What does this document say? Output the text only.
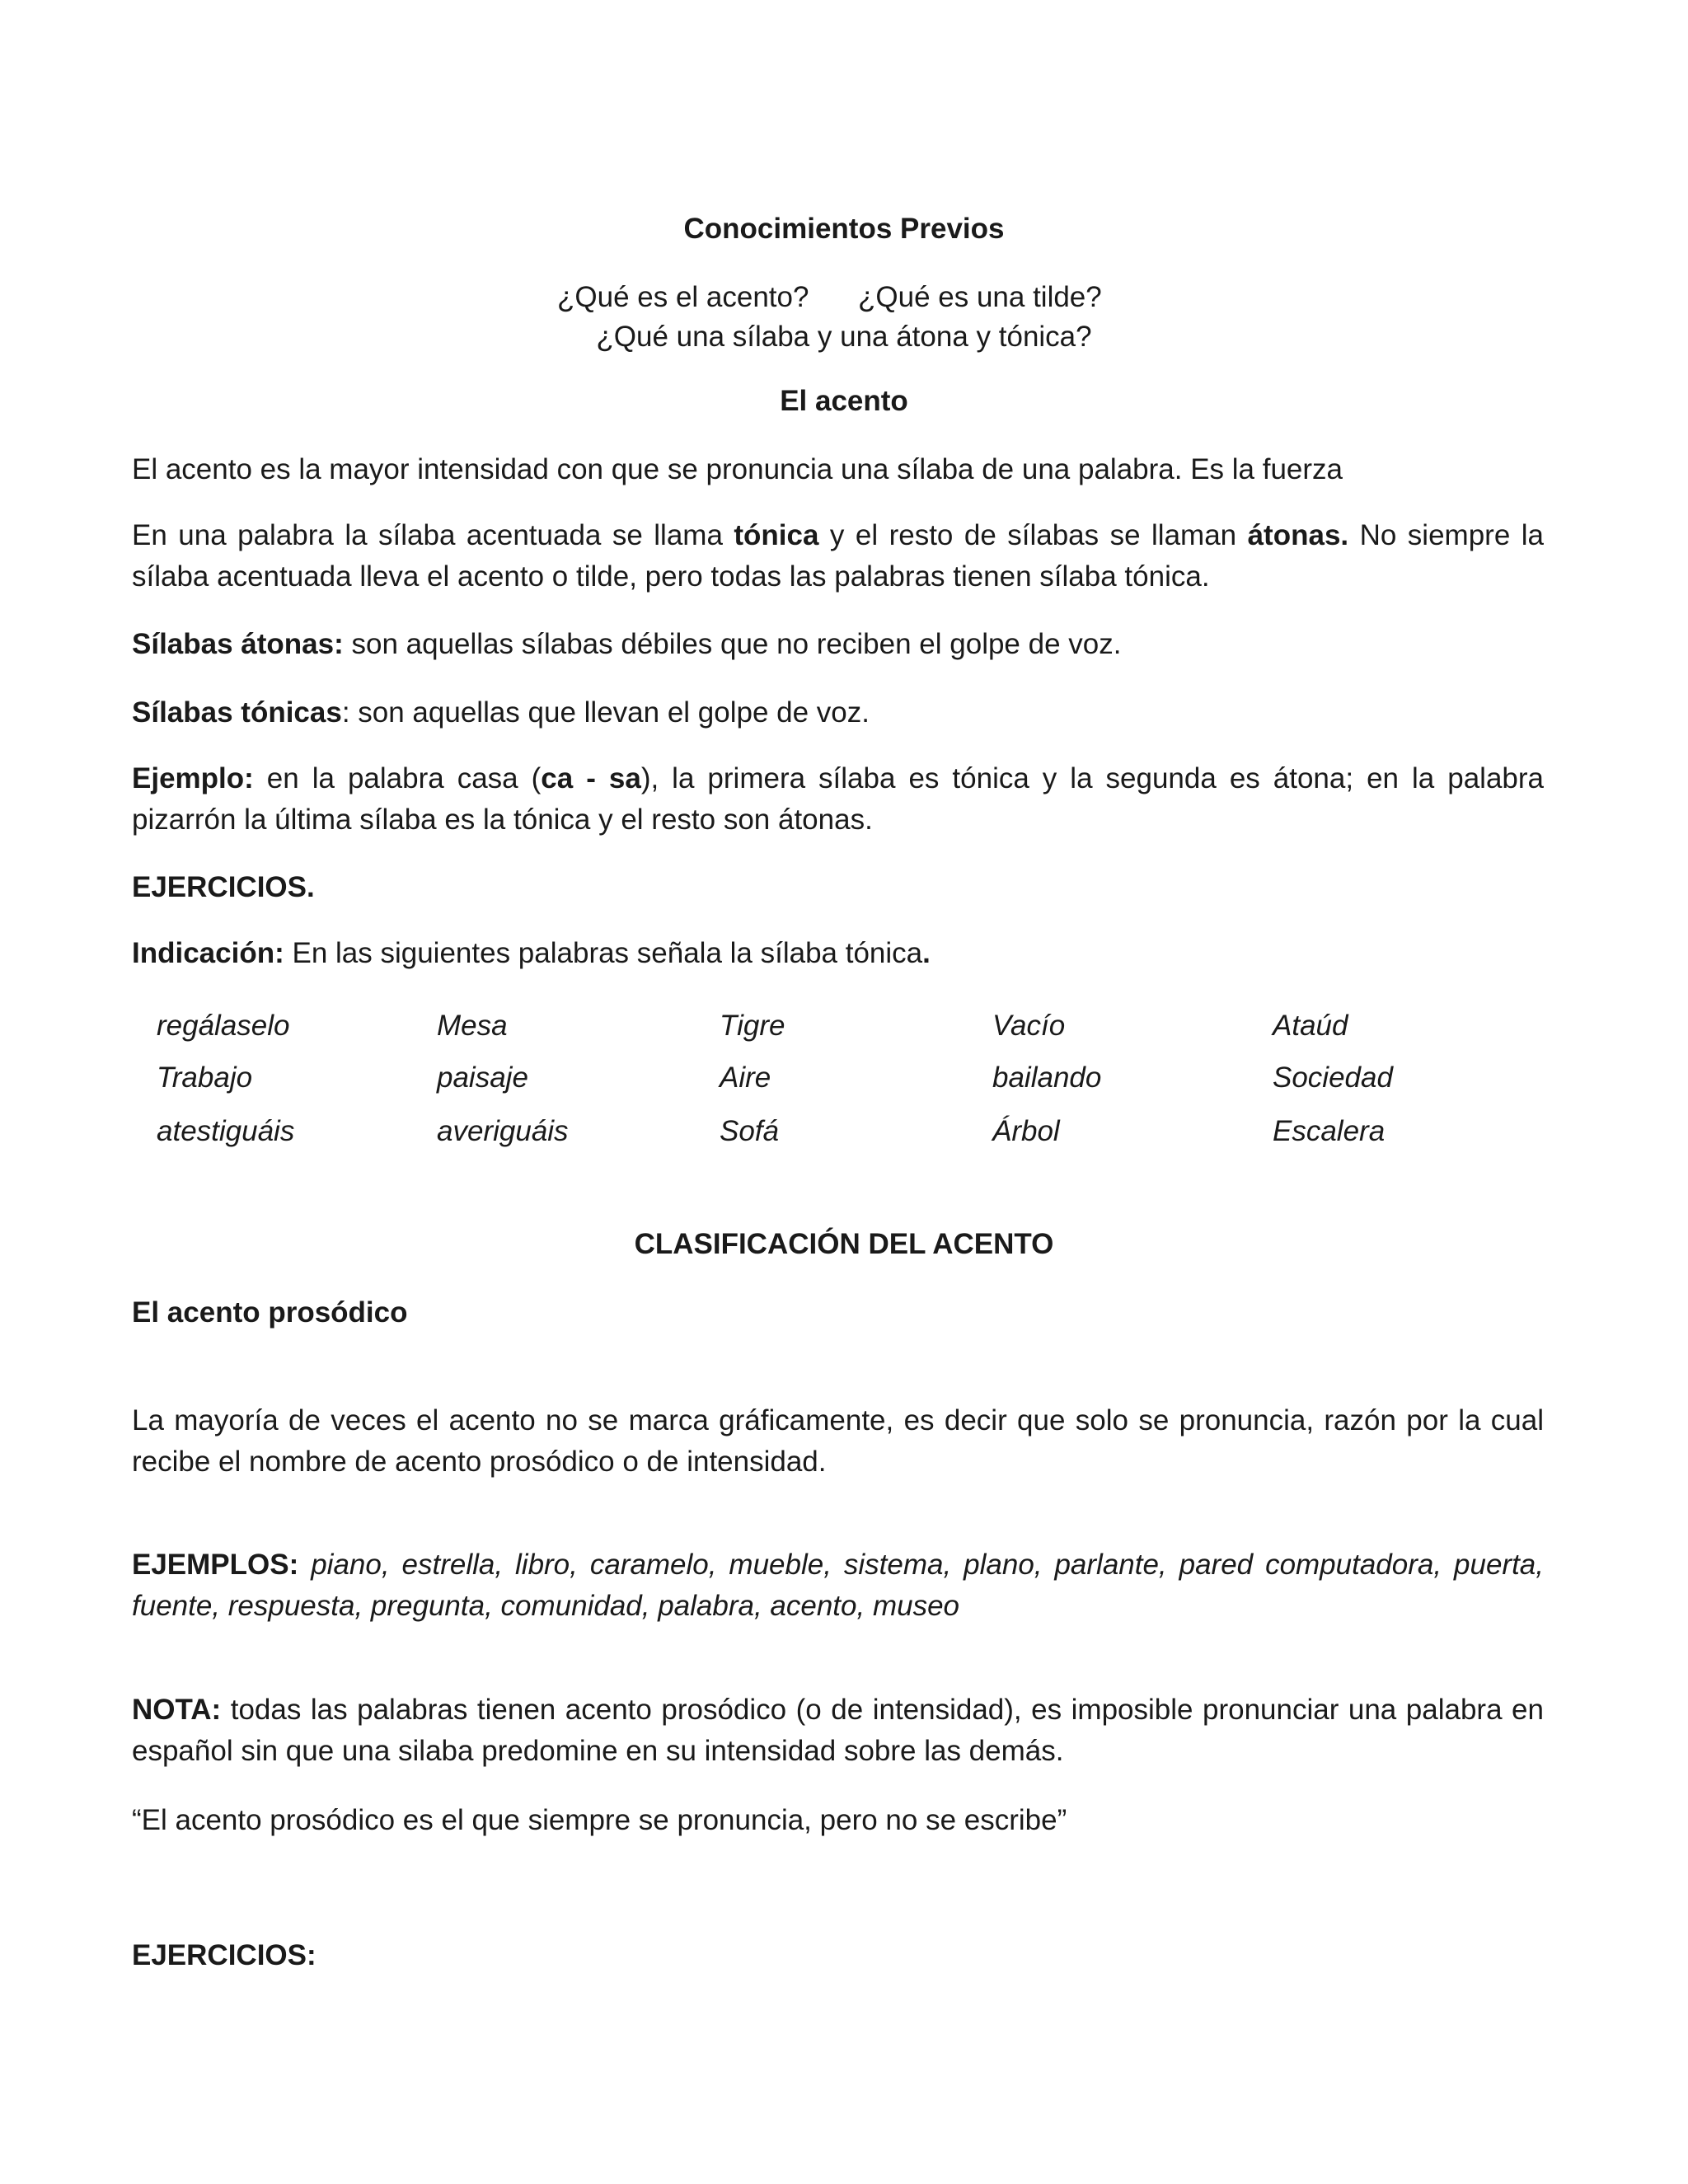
Conocimientos Previos

¿Qué es el acento? ¿Qué es una tilde?

¿Qué una sílaba y una átona y tónica?

El acento

El acento es la mayor intensidad con que se pronuncia una sílaba de una palabra. Es la fuerza

En una palabra la sílaba acentuada se llama tónica y el resto de sílabas se llaman átonas. No siempre la sílaba acentuada lleva el acento o tilde, pero todas las palabras tienen sílaba tónica.

Sílabas átonas: son aquellas sílabas débiles que no reciben el golpe de voz.

Sílabas tónicas: son aquellas que llevan el golpe de voz.

Ejemplo: en la palabra casa (ca - sa), la primera sílaba es tónica y la segunda es átona; en la palabra pizarrón la última sílaba es la tónica y el resto son átonas.

EJERCICIOS.

Indicación: En las siguientes palabras señala la sílaba tónica.

regálaselo	Mesa	Tigre	Vacío	Ataúd
Trabajo	paisaje	Aire	bailando	Sociedad
atestiguáis	averiguáis	Sofá	Árbol	Escalera

CLASIFICACIÓN DEL ACENTO

El acento prosódico

La mayoría de veces el acento no se marca gráficamente, es decir que solo se pronuncia, razón por la cual recibe el nombre de acento prosódico o de intensidad.

EJEMPLOS: piano, estrella, libro, caramelo, mueble, sistema, plano, parlante, pared computadora, puerta, fuente, respuesta, pregunta, comunidad, palabra, acento, museo

NOTA: todas las palabras tienen acento prosódico (o de intensidad), es imposible pronunciar una palabra en español sin que una silaba predomine en su intensidad sobre las demás.

“El acento prosódico es el que siempre se pronuncia, pero no se escribe”

EJERCICIOS:
